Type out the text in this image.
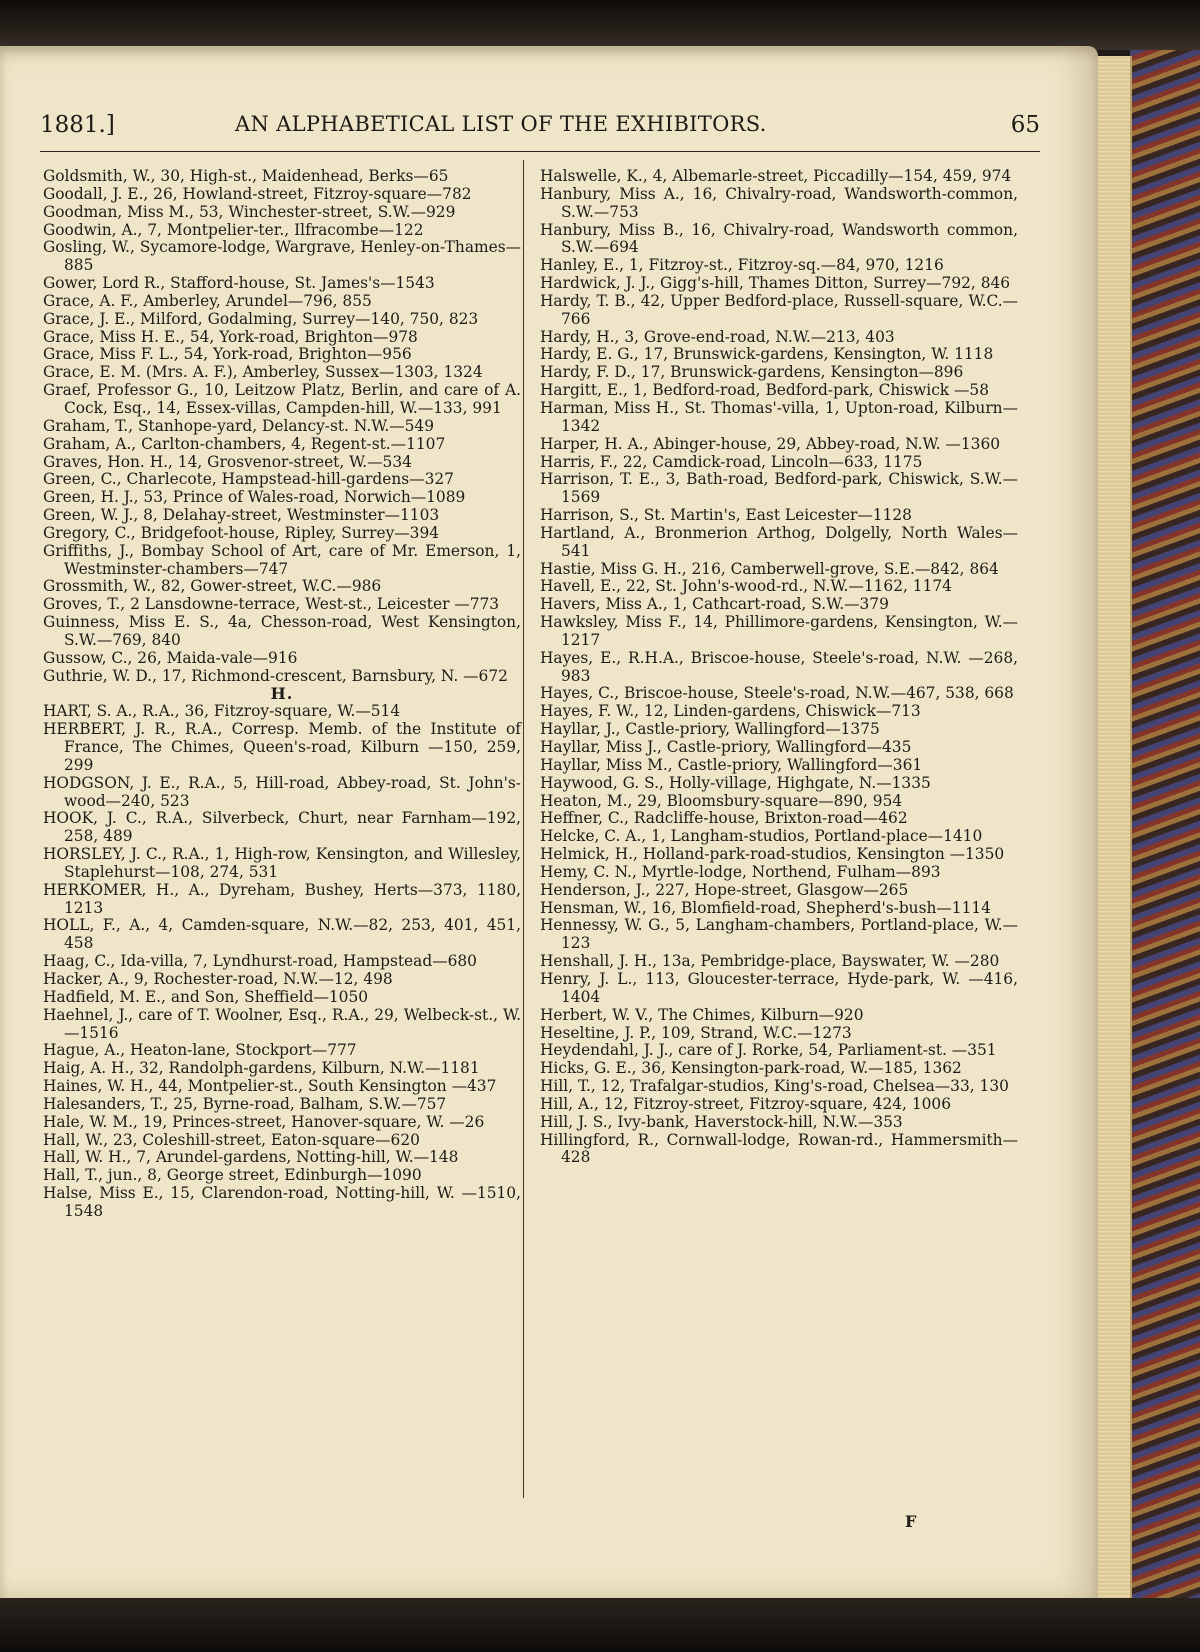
1881.]	AN ALPHABETICAL LIST OF THE EXHIBITORS.	65
Goldsmith, W., 30, High-st., Maidenhead, Berks—65
Goodall, J. E., 26, Howland-street, Fitzroy-square—782
Goodman, Miss M., 53, Winchester-street, S.W.—929
Goodwin, A., 7, Montpelier-ter., Ilfracombe—122
Gosling, W., Sycamore-lodge, Wargrave, Henley-on-Thames—885
Gower, Lord R., Stafford-house, St. James's—1543
Grace, A. F., Amberley, Arundel—796, 855
Grace, J. E., Milford, Godalming, Surrey—140, 750, 823
Grace, Miss H. E., 54, York-road, Brighton—978
Grace, Miss F. L., 54, York-road, Brighton—956
Grace, E. M. (Mrs. A. F.), Amberley, Sussex—1303, 1324
Graef, Professor G., 10, Leitzow Platz, Berlin, and care of A. Cock, Esq., 14, Essex-villas, Campden-hill, W.—133, 991
Graham, T., Stanhope-yard, Delancy-st. N.W.—549
Graham, A., Carlton-chambers, 4, Regent-st.—1107
Graves, Hon. H., 14, Grosvenor-street, W.—534
Green, C., Charlecote, Hampstead-hill-gardens—327
Green, H. J., 53, Prince of Wales-road, Norwich—1089
Green, W. J., 8, Delahay-street, Westminster—1103
Gregory, C., Bridgefoot-house, Ripley, Surrey—394
Griffiths, J., Bombay School of Art, care of Mr. Emerson, 1, Westminster-chambers—747
Grossmith, W., 82, Gower-street, W.C.—986
Groves, T., 2 Lansdowne-terrace, West-st., Leicester —773
Guinness, Miss E. S., 4a, Chesson-road, West Kensington, S.W.—769, 840
Gussow, C., 26, Maida-vale—916
Guthrie, W. D., 17, Richmond-crescent, Barnsbury, N. —672
H.
HART, S. A., R.A., 36, Fitzroy-square, W.—514
HERBERT, J. R., R.A., Corresp. Memb. of the Institute of France, The Chimes, Queen's-road, Kilburn —150, 259, 299
HODGSON, J. E., R.A., 5, Hill-road, Abbey-road, St. John's-wood—240, 523
HOOK, J. C., R.A., Silverbeck, Churt, near Farnham—192, 258, 489
HORSLEY, J. C., R.A., 1, High-row, Kensington, and Willesley, Staplehurst—108, 274, 531
HERKOMER, H., A., Dyreham, Bushey, Herts—373, 1180, 1213
HOLL, F., A., 4, Camden-square, N.W.—82, 253, 401, 451, 458
Haag, C., Ida-villa, 7, Lyndhurst-road, Hampstead—680
Hacker, A., 9, Rochester-road, N.W.—12, 498
Hadfield, M. E., and Son, Sheffield—1050
Haehnel, J., care of T. Woolner, Esq., R.A., 29, Welbeck-st., W.—1516
Hague, A., Heaton-lane, Stockport—777
Haig, A. H., 32, Randolph-gardens, Kilburn, N.W.—1181
Haines, W. H., 44, Montpelier-st., South Kensington —437
Halesanders, T., 25, Byrne-road, Balham, S.W.—757
Hale, W. M., 19, Princes-street, Hanover-square, W. —26
Hall, W., 23, Coleshill-street, Eaton-square—620
Hall, W. H., 7, Arundel-gardens, Notting-hill, W.—148
Hall, T., jun., 8, George street, Edinburgh—1090
Halse, Miss E., 15, Clarendon-road, Notting-hill, W. —1510, 1548
Halswelle, K., 4, Albemarle-street, Piccadilly—154, 459, 974
Hanbury, Miss A., 16, Chivalry-road, Wandsworth-common, S.W.—753
Hanbury, Miss B., 16, Chivalry-road, Wandsworth common, S.W.—694
Hanley, E., 1, Fitzroy-st., Fitzroy-sq.—84, 970, 1216
Hardwick, J. J., Gigg's-hill, Thames Ditton, Surrey—792, 846
Hardy, T. B., 42, Upper Bedford-place, Russell-square, W.C.—766
Hardy, H., 3, Grove-end-road, N.W.—213, 403
Hardy, E. G., 17, Brunswick-gardens, Kensington, W. 1118
Hardy, F. D., 17, Brunswick-gardens, Kensington—896
Hargitt, E., 1, Bedford-road, Bedford-park, Chiswick —58
Harman, Miss H., St. Thomas'-villa, 1, Upton-road, Kilburn—1342
Harper, H. A., Abinger-house, 29, Abbey-road, N.W. —1360
Harris, F., 22, Camdick-road, Lincoln—633, 1175
Harrison, T. E., 3, Bath-road, Bedford-park, Chiswick, S.W.—1569
Harrison, S., St. Martin's, East Leicester—1128
Hartland, A., Bronmerion Arthog, Dolgelly, North Wales—541
Hastie, Miss G. H., 216, Camberwell-grove, S.E.—842, 864
Havell, E., 22, St. John's-wood-rd., N.W.—1162, 1174
Havers, Miss A., 1, Cathcart-road, S.W.—379
Hawksley, Miss F., 14, Phillimore-gardens, Kensington, W.—1217
Hayes, E., R.H.A., Briscoe-house, Steele's-road, N.W. —268, 983
Hayes, C., Briscoe-house, Steele's-road, N.W.—467, 538, 668
Hayes, F. W., 12, Linden-gardens, Chiswick—713
Hayllar, J., Castle-priory, Wallingford—1375
Hayllar, Miss J., Castle-priory, Wallingford—435
Hayllar, Miss M., Castle-priory, Wallingford—361
Haywood, G. S., Holly-village, Highgate, N.—1335
Heaton, M., 29, Bloomsbury-square—890, 954
Heffner, C., Radcliffe-house, Brixton-road—462
Helcke, C. A., 1, Langham-studios, Portland-place—1410
Helmick, H., Holland-park-road-studios, Kensington —1350
Hemy, C. N., Myrtle-lodge, Northend, Fulham—893
Henderson, J., 227, Hope-street, Glasgow—265
Hensman, W., 16, Blomfield-road, Shepherd's-bush—1114
Hennessy, W. G., 5, Langham-chambers, Portland-place, W.—123
Henshall, J. H., 13a, Pembridge-place, Bayswater, W. —280
Henry, J. L., 113, Gloucester-terrace, Hyde-park, W. —416, 1404
Herbert, W. V., The Chimes, Kilburn—920
Heseltine, J. P., 109, Strand, W.C.—1273
Heydendahl, J. J., care of J. Rorke, 54, Parliament-st. —351
Hicks, G. E., 36, Kensington-park-road, W.—185, 1362
Hill, T., 12, Trafalgar-studios, King's-road, Chelsea—33, 130
Hill, A., 12, Fitzroy-street, Fitzroy-square, 424, 1006
Hill, J. S., Ivy-bank, Haverstock-hill, N.W.—353
Hillingford, R., Cornwall-lodge, Rowan-rd., Hammersmith—428
F
